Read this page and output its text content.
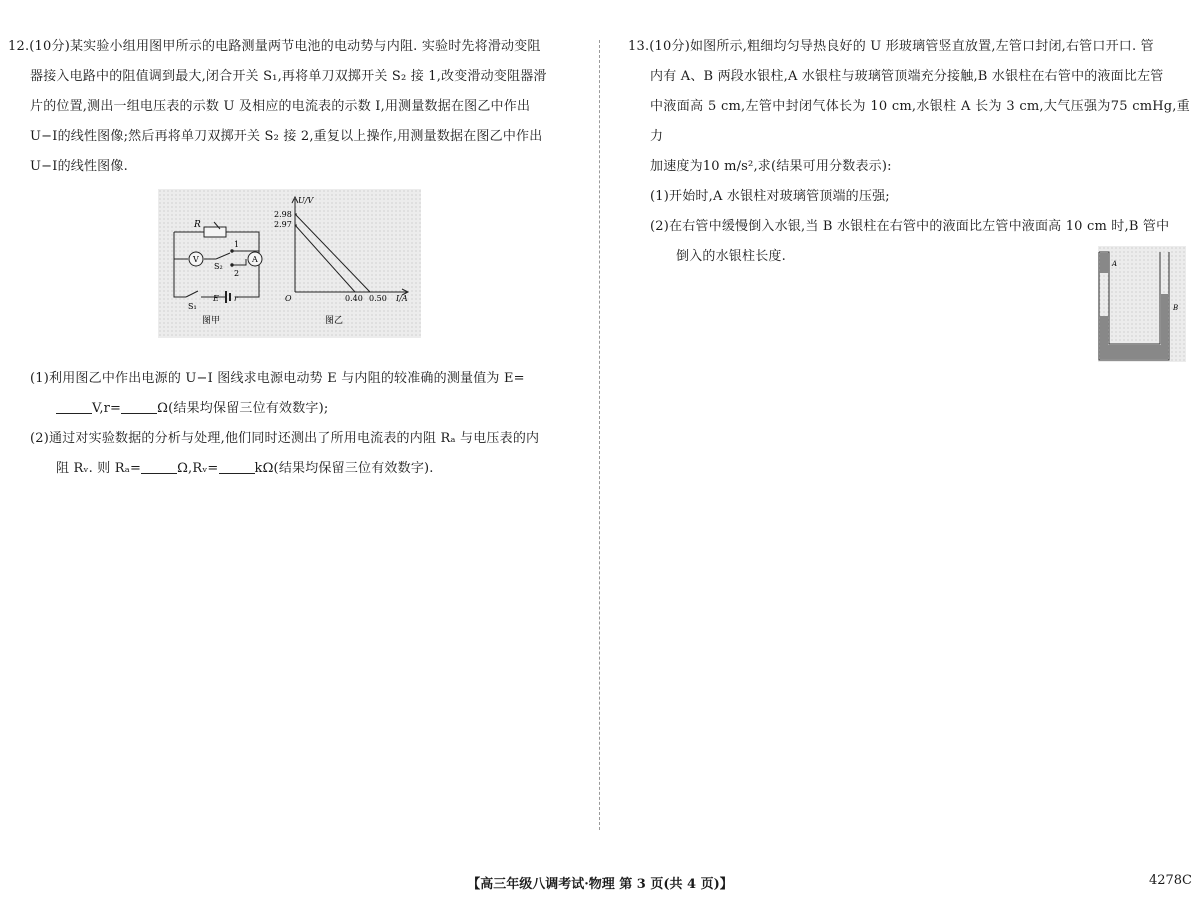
12.(10分)某实验小组用图甲所示的电路测量两节电池的电动势与内阻. 实验时先将滑动变阻

器接入电路中的阻值调到最大,闭合开关 S₁,再将单刀双掷开关 S₂ 接 1,改变滑动变阻器滑

片的位置,测出一组电压表的示数 U 及相应的电流表的示数 I,用测量数据在图乙中作出

U−I的线性图像;然后再将单刀双掷开关 S₂ 接 2,重复以上操作,用测量数据在图乙中作出

U−I的线性图像.

(1)利用图乙中作出电源的 U−I 图线求电源电动势 E 与内阻的较准确的测量值为 E=

V,r=	Ω(结果均保留三位有效数字);

(2)通过对实验数据的分析与处理,他们同时还测出了所用电流表的内阻 Rₐ 与电压表的内

阻 Rᵥ. 则 Rₐ=	Ω,Rᵥ=	kΩ(结果均保留三位有效数字).

R
V	A
1
S₂
2
S₁
E r
图甲
U/V
2.98
2.97
O	0.40 0.50 I/A
图乙

13.(10分)如图所示,粗细均匀导热良好的 U 形玻璃管竖直放置,左管口封闭,右管口开口. 管

内有 A、B 两段水银柱,A 水银柱与玻璃管顶端充分接触,B 水银柱在右管中的液面比左管

中液面高 5 cm,左管中封闭气体长为 10 cm,水银柱 A 长为 3 cm,大气压强为75 cmHg,重力

加速度为10 m/s²,求(结果可用分数表示):

(1)开始时,A 水银柱对玻璃管顶端的压强;

(2)在右管中缓慢倒入水银,当 B 水银柱在右管中的液面比左管中液面高 10 cm 时,B 管中

倒入的水银柱长度.	A
B
【高三年级八调考试·物理 第 3 页(共 4 页)】	4278C
